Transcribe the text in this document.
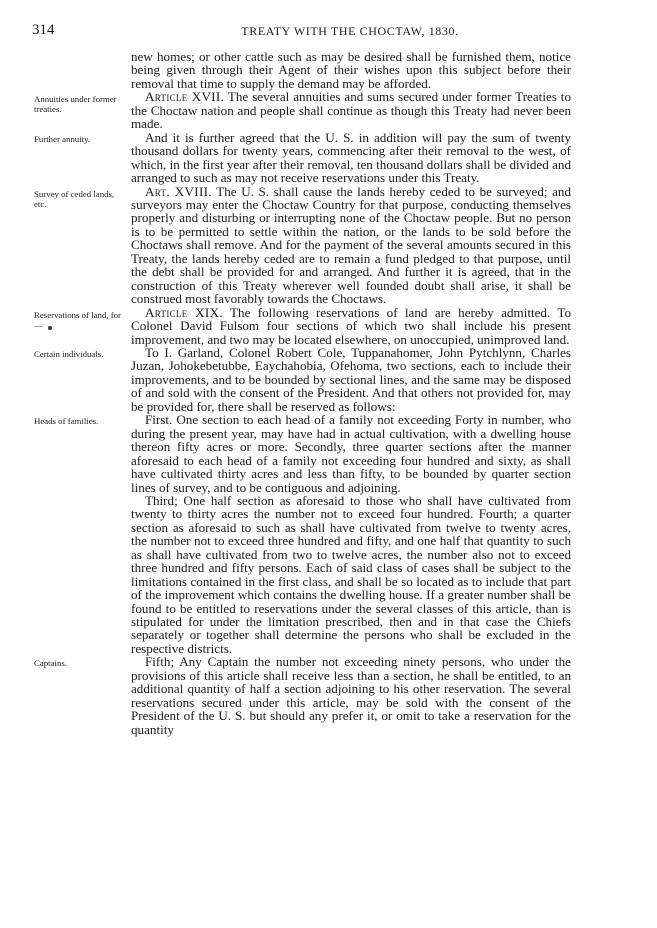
314	TREATY WITH THE CHOCTAW, 1830.

new homes; or other cattle such as may be desired shall be furnished them, notice being given through their Agent of their wishes upon this subject before their removal that time to supply the demand may be afforded.

Annuities under former treaties.

Article XVII. The several annuities and sums secured under former Treaties to the Choctaw nation and people shall continue as though this Treaty had never been made.

Further annuity.	And it is further agreed that the U. S. in addition will pay the sum of twenty thousand dollars for twenty years, commencing after their removal to the west, of which, in the first year after their removal, ten thousand dollars shall be divided and arranged to such as may not receive reservations under this Treaty.

Survey of ceded lands, etc.

Art. XVIII. The U. S. shall cause the lands hereby ceded to be surveyed; and surveyors may enter the Choctaw Country for that purpose, conducting themselves properly and disturbing or interrupting none of the Choctaw people. But no person is to be permitted to settle within the nation, or the lands to be sold before the Choctaws shall remove. And for the payment of the several amounts secured in this Treaty, the lands hereby ceded are to remain a fund pledged to that purpose, until the debt shall be provided for and arranged. And further it is agreed, that in the construction of this Treaty wherever well founded doubt shall arise, it shall be construed most favorably towards the Choctaws.

Reservations of land, for—

Article XIX. The following reservations of land are hereby admitted. To Colonel David Fulsom four sections of which two shall include his present improvement, and two may be located elsewhere, on unoccupied, unimproved land.

Certain individuals.	To I. Garland, Colonel Robert Cole, Tuppanahomer, John Pytchlynn, Charles Juzan, Johokebetubbe, Eaychahobia, Ofehoma, two sections, each to include their improvements, and to be bounded by sectional lines, and the same may be disposed of and sold with the consent of the President. And that others not provided for, may be provided for, there shall be reserved as follows:

Heads of families.	First. One section to each head of a family not exceeding Forty in number, who during the present year, may have had in actual cultivation, with a dwelling house thereon fifty acres or more. Secondly, three quarter sections after the manner aforesaid to each head of a family not exceeding four hundred and sixty, as shall have cultivated thirty acres and less than fifty, to be bounded by quarter section lines of survey, and to be contiguous and adjoining.

Third; One half section as aforesaid to those who shall have cultivated from twenty to thirty acres the number not to exceed four hundred. Fourth; a quarter section as aforesaid to such as shall have cultivated from twelve to twenty acres, the number not to exceed three hundred and fifty, and one half that quantity to such as shall have cultivated from two to twelve acres, the number also not to exceed three hundred and fifty persons. Each of said class of cases shall be subject to the limitations contained in the first class, and shall be so located as to include that part of the improvement which contains the dwelling house. If a greater number shall be found to be entitled to reservations under the several classes of this article, than is stipulated for under the limitation prescribed, then and in that case the Chiefs separately or together shall determine the persons who shall be excluded in the respective districts.

Captains.	Fifth; Any Captain the number not exceeding ninety persons, who under the provisions of this article shall receive less than a section, he shall be entitled, to an additional quantity of half a section adjoining to his other reservation. The several reservations secured under this article, may be sold with the consent of the President of the U. S. but should any prefer it, or omit to take a reservation for the quantity
